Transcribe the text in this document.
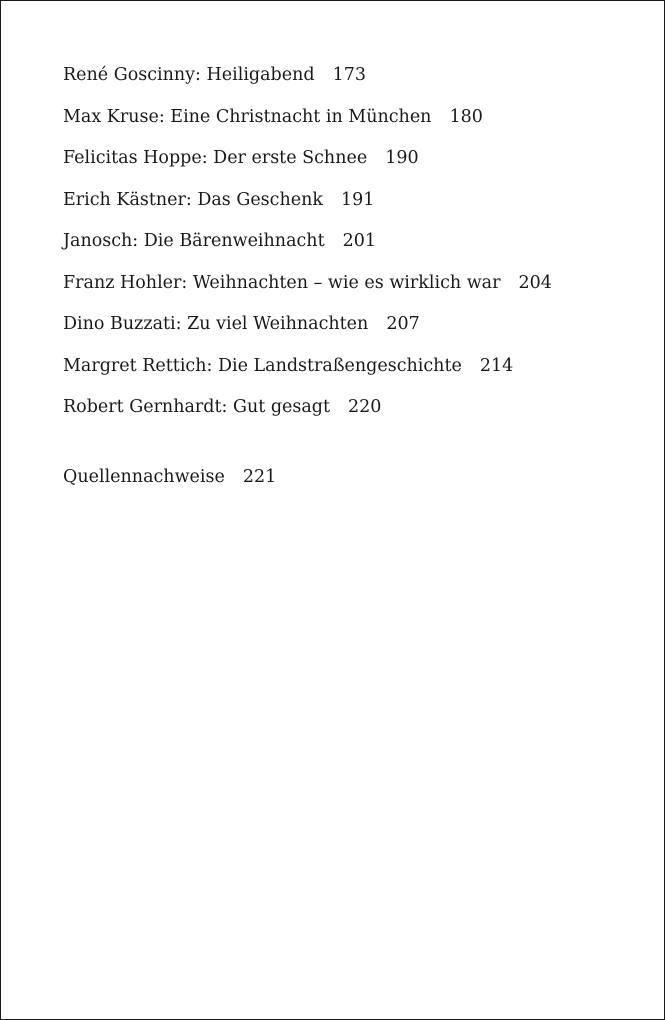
René Goscinny: Heiligabend 173
Max Kruse: Eine Christnacht in München 180
Felicitas Hoppe: Der erste Schnee 190
Erich Kästner: Das Geschenk 191
Janosch: Die Bärenweihnacht 201
Franz Hohler: Weihnachten – wie es wirklich war 204
Dino Buzzati: Zu viel Weihnachten 207
Margret Rettich: Die Landstraßengeschichte 214
Robert Gernhardt: Gut gesagt 220
Quellennachweise 221
